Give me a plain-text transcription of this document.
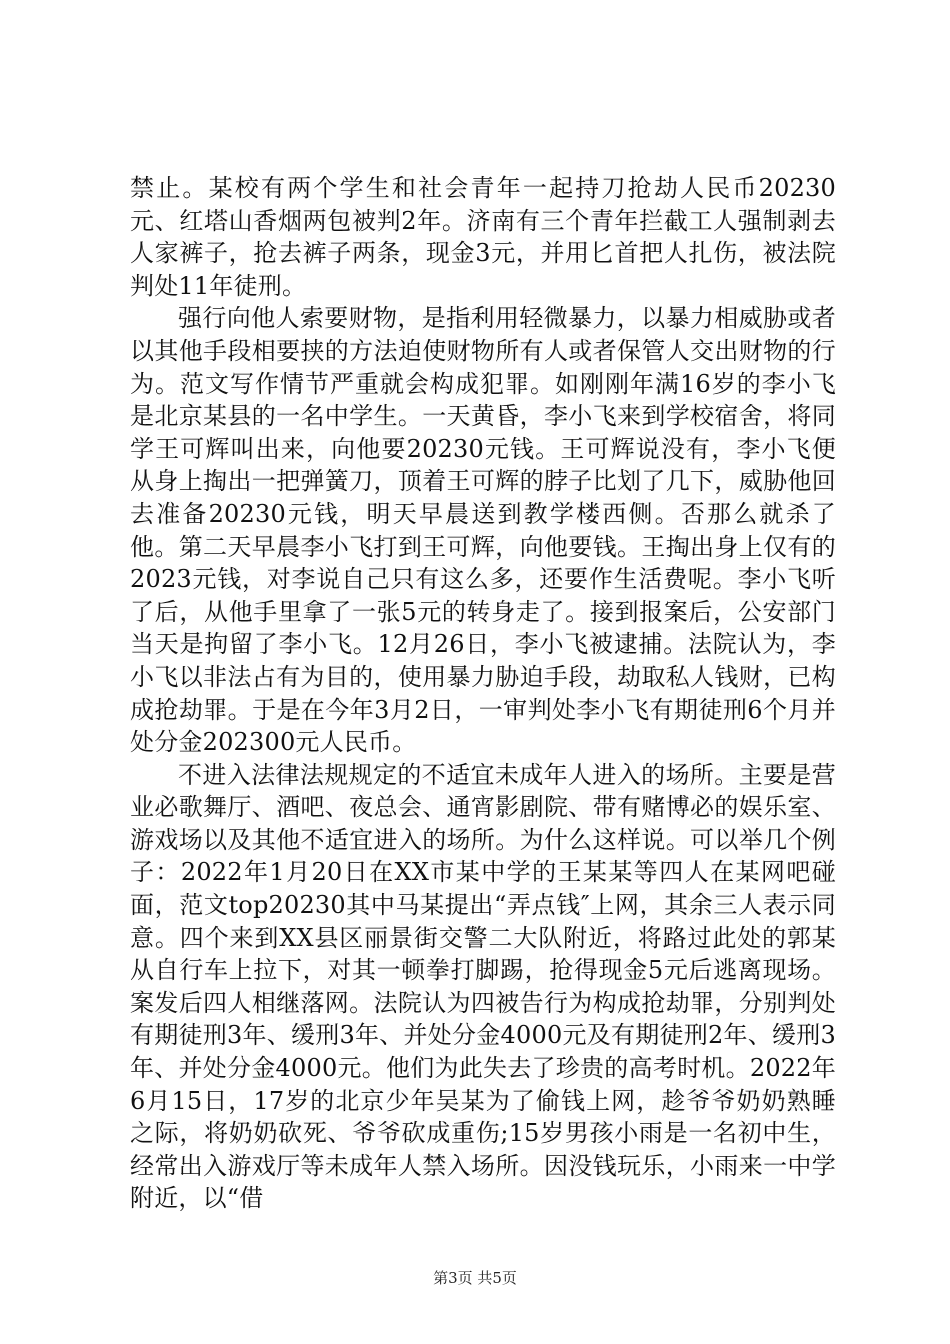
禁止。某校有两个学生和社会青年一起持刀抢劫人民币20230元、红塔山香烟两包被判2年。济南有三个青年拦截工人强制剥去人家裤子，抢去裤子两条，现金3元，并用匕首把人扎伤，被法院判处11年徒刑。

强行向他人索要财物，是指利用轻微暴力，以暴力相威胁或者以其他手段相要挟的方法迫使财物所有人或者保管人交出财物的行为。范文写作情节严重就会构成犯罪。如刚刚年满16岁的李小飞是北京某县的一名中学生。一天黄昏，李小飞来到学校宿舍，将同学王可辉叫出来，向他要20230元钱。王可辉说没有，李小飞便从身上掏出一把弹簧刀，顶着王可辉的脖子比划了几下，威胁他回去准备20230元钱，明天早晨送到教学楼西侧。否那么就杀了他。第二天早晨李小飞打到王可辉，向他要钱。王掏出身上仅有的2023元钱，对李说自己只有这么多，还要作生活费呢。李小飞听了后，从他手里拿了一张5元的转身走了。接到报案后，公安部门当天是拘留了李小飞。12月26日，李小飞被逮捕。法院认为，李小飞以非法占有为目的，使用暴力胁迫手段，劫取私人钱财，已构成抢劫罪。于是在今年3月2日，一审判处李小飞有期徒刑6个月并处分金202300元人民币。

不进入法律法规规定的不适宜未成年人进入的场所。主要是营业必歌舞厅、酒吧、夜总会、通宵影剧院、带有赌博必的娱乐室、游戏场以及其他不适宜进入的场所。为什么这样说。可以举几个例子：2022年1月20日在XX市某中学的王某某等四人在某网吧碰面，范文top20230其中马某提出“弄点钱″上网，其余三人表示同意。四个来到XX县区丽景街交警二大队附近，将路过此处的郭某从自行车上拉下，对其一顿拳打脚踢，抢得现金5元后逃离现场。案发后四人相继落网。法院认为四被告行为构成抢劫罪，分别判处有期徒刑3年、缓刑3年、并处分金4000元及有期徒刑2年、缓刑3年、并处分金4000元。他们为此失去了珍贵的高考时机。2022年6月15日，17岁的北京少年吴某为了偷钱上网，趁爷爷奶奶熟睡之际，将奶奶砍死、爷爷砍成重伤;15岁男孩小雨是一名初中生，经常出入游戏厅等未成年人禁入场所。因没钱玩乐，小雨来一中学附近，以“借

第3页 共5页
